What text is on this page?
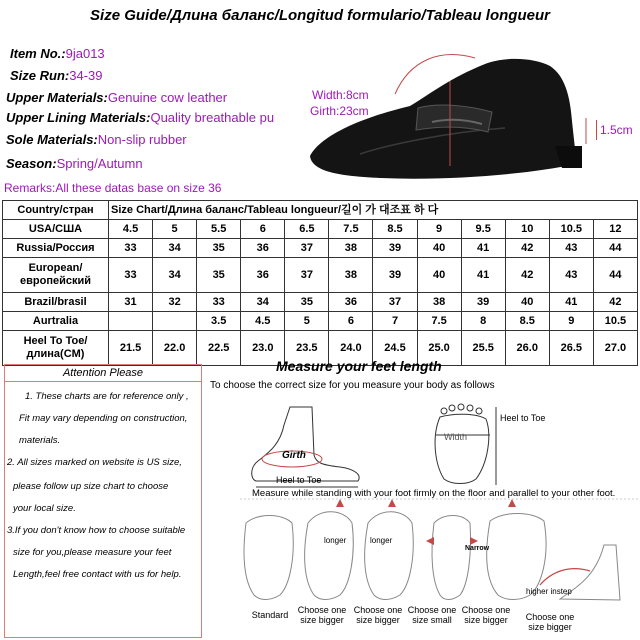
Size Guide/Длина баланс/Longitud formulario/Tableau longueur
Item No.:9ja013
Size Run:34-39
Upper Materials:Genuine cow leather
Upper Lining Materials:Quality breathable pu
Sole Materials:Non-slip rubber
Season:Spring/Autumn
Remarks:All these datas base on size 36
Width:8cm
Girth:23cm
1.5cm
Country/стран	Size Chart/Длина баланс/Tableau longueur/길이 가 대조표 하 다											
USA/США	4.5	5	5.5	6	6.5	7.5	8.5	9	9.5	10	10.5	12
Russia/Россия	33	34	35	36	37	38	39	40	41	42	43	44
European/европейский	33	34	35	36	37	38	39	40	41	42	43	44
Brazil/brasil	31	32	33	34	35	36	37	38	39	40	41	42
Aurtralia			3.5	4.5	5	6	7	7.5	8	8.5	9	10.5
Heel To Toe/длина(CM)	21.5	22.0	22.5	23.0	23.5	24.0	24.5	25.0	25.5	26.0	26.5	27.0
Attention Please
1. These charts are for reference only ,
Fit may vary depending on construction,
materials.
2. All sizes marked on website is US size,
please follow up size chart to choose
your local size.
3.If you don't know how to choose suitable
size for you,please measure your feet
Length,feel free contact with us for help.
Measure your feet length
To choose the correct size for you measure your body as follows
Girth
Heel to Toe
Width
Heel to Toe
Measure while standing with your foot firmly on the floor and parallel to your other foot.
longer	longer
Narrow
higher instep
Standard	Choose one size bigger
Choose one size bigger
Choose one size small
Choose one size bigger	Choose one size bigger
